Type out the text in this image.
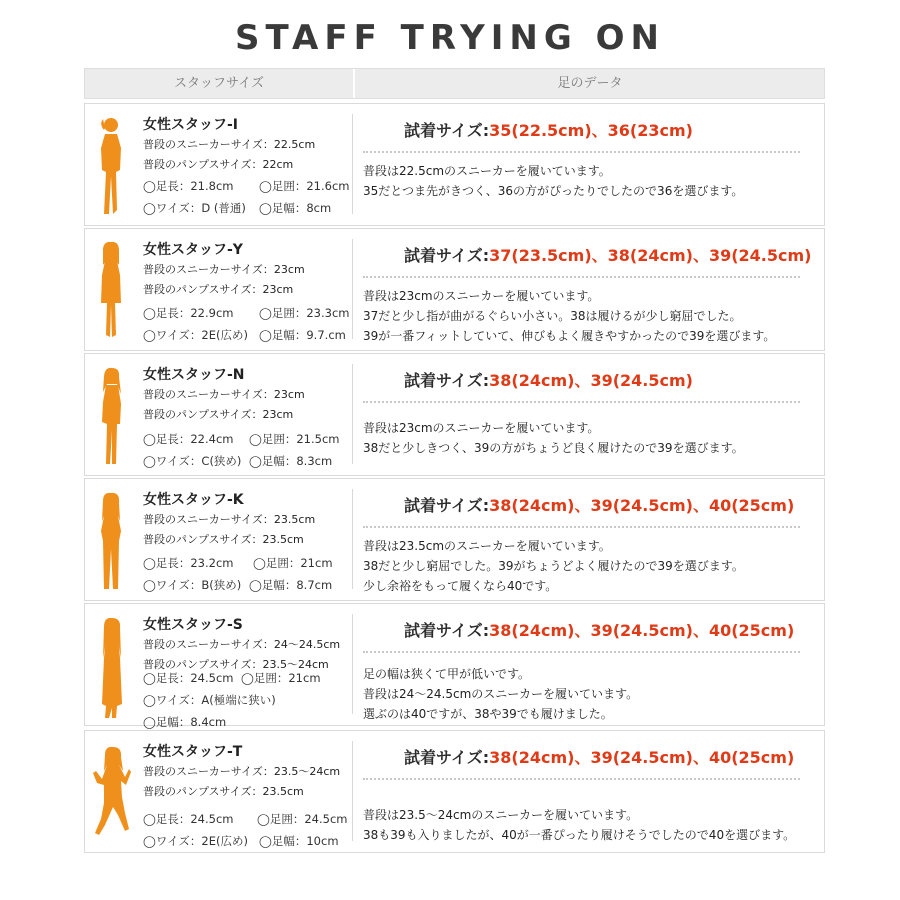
STAFF TRYING ON
スタッフサイズ	足のデータ
女性スタッフ-I
普段のスニーカーサイズ：22.5cm
普段のパンプスサイズ：22cm
◯足長：21.8cm ◯足囲：21.6cm
◯ワイズ：D (普通) ◯足幅：8cm
試着サイズ:35(22.5cm)、36(23cm)
普段は22.5cmのスニーカーを履いています。
35だとつま先がきつく、36の方がぴったりでしたので36を選びます。
女性スタッフ-Y
普段のスニーカーサイズ：23cm
普段のパンプスサイズ：23cm
◯足長：22.9cm ◯足囲：23.3cm
◯ワイズ：2E(広め) ◯足幅：9.7.cm
試着サイズ:37(23.5cm)、38(24cm)、39(24.5cm)
普段は23cmのスニーカーを履いています。
37だと少し指が曲がるぐらい小さい。38は履けるが少し窮屈でした。
39が一番フィットしていて、伸びもよく履きやすかったので39を選びます。
女性スタッフ-N
普段のスニーカーサイズ：23cm
普段のパンプスサイズ：23cm
◯足長：22.4cm ◯足囲：21.5cm
◯ワイズ：C(狭め) ◯足幅：8.3cm
試着サイズ:38(24cm)、39(24.5cm)
普段は23cmのスニーカーを履いています。
38だと少しきつく、39の方がちょうど良く履けたので39を選びます。
女性スタッフ-K
普段のスニーカーサイズ：23.5cm
普段のパンプスサイズ：23.5cm
◯足長：23.2cm ◯足囲：21cm
◯ワイズ：B(狭め) ◯足幅：8.7cm
試着サイズ:38(24cm)、39(24.5cm)、40(25cm)
普段は23.5cmのスニーカーを履いています。
38だと少し窮屈でした。39がちょうどよく履けたので39を選びます。
少し余裕をもって履くなら40です。
女性スタッフ-S
普段のスニーカーサイズ：24〜24.5cm
普段のパンプスサイズ：23.5〜24cm
◯足長：24.5cm ◯足囲：21cm
◯ワイズ：A(極端に狭い)
◯足幅：8.4cm
試着サイズ:38(24cm)、39(24.5cm)、40(25cm)
足の幅は狭くて甲が低いです。
普段は24〜24.5cmのスニーカーを履いています。
選ぶのは40ですが、38や39でも履けました。
女性スタッフ-T
普段のスニーカーサイズ：23.5〜24cm
普段のパンプスサイズ：23.5cm
◯足長：24.5cm ◯足囲：24.5cm
◯ワイズ：2E(広め) ◯足幅：10cm
試着サイズ:38(24cm)、39(24.5cm)、40(25cm)
普段は23.5〜24cmのスニーカーを履いています。
38も39も入りましたが、40が一番ぴったり履けそうでしたので40を選びます。
